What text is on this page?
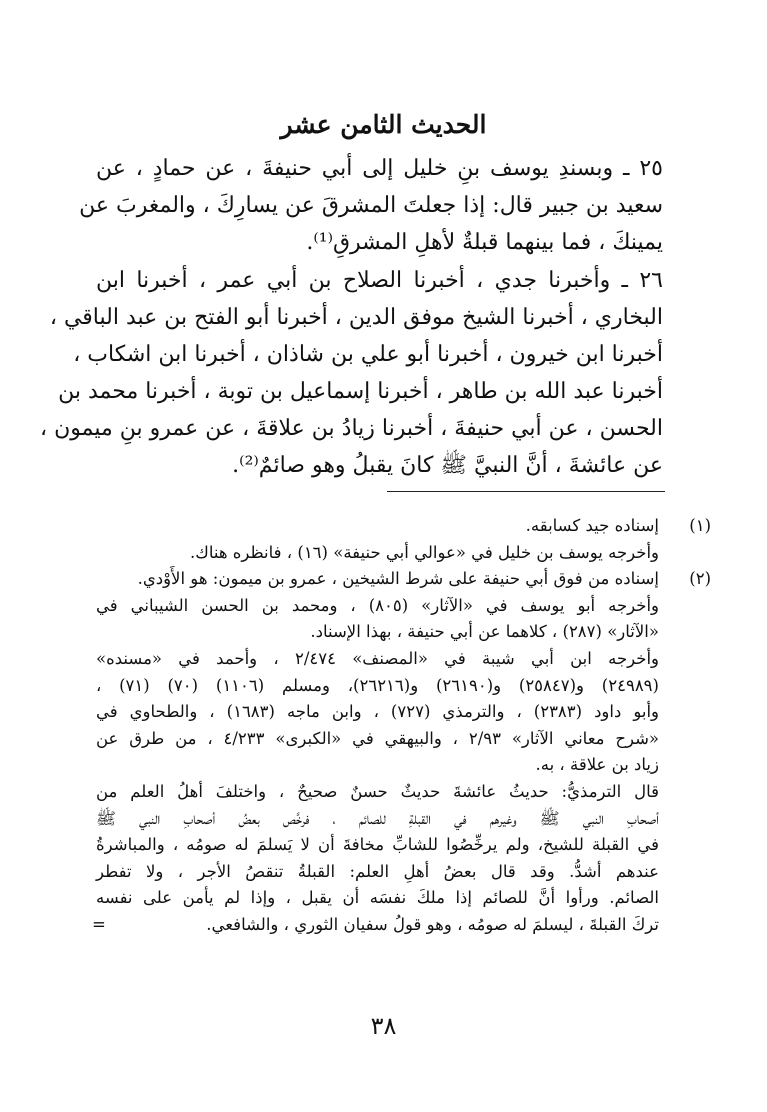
الحديث الثامن عشر
٢٥ ـ وبسندِ يوسف بنِ خليل إلى أبي حنيفةَ ، عن حمادٍ ، عن
سعيد بن جبير قال: إذا جعلتَ المشرقَ عن يسارِكَ ، والمغربَ عن
يمينكَ ، فما بينهما قبلةٌ لأهلِ المشرقِ⁽¹⁾.
٢٦ ـ وأخبرنا جدي ، أخبرنا الصلاح بن أبي عمر ، أخبرنا ابن
البخاري ، أخبرنا الشيخ موفق الدين ، أخبرنا أبو الفتح بن عبد الباقي ،
أخبرنا ابن خيرون ، أخبرنا أبو علي بن شاذان ، أخبرنا ابن اشكاب ،
أخبرنا عبد الله بن طاهر ، أخبرنا إسماعيل بن توبة ، أخبرنا محمد بن
الحسن ، عن أبي حنيفةَ ، أخبرنا زيادُ بن علاقةَ ، عن عمرو بنِ ميمون ،
عن عائشةَ ، أنَّ النبيَّ ﷺ كانَ يقبلُ وهو صائمٌ⁽²⁾.
(١)
إسناده جيد كسابقه.
وأخرجه يوسف بن خليل في «عوالي أبي حنيفة» (١٦) ، فانظره هناك.
(٢)
إسناده من فوق أبي حنيفة على شرط الشيخين ، عمرو بن ميمون: هو الأَوْدي.
وأخرجه أبو يوسف في «الآثار» (٨٠٥) ، ومحمد بن الحسن الشيباني في
«الآثار» (٢٨٧) ، كلاهما عن أبي حنيفة ، بهذا الإسناد.
وأخرجه ابن أبي شيبة في «المصنف» ٢/٤٧٤ ، وأحمد في «مسنده»
(٢٤٩٨٩) و(٢٥٨٤٧) و(٢٦١٩٠) و(٢٦٢١٦)، ومسلم (١١٠٦) (٧٠) (٧١) ،
وأبو داود (٢٣٨٣) ، والترمذي (٧٢٧) ، وابن ماجه (١٦٨٣) ، والطحاوي في
«شرح معاني الآثار» ٢/٩٣ ، والبيهقي في «الكبرى» ٤/٢٣٣ ، من طرق عن
زياد بن علاقة ، به.
قال الترمذيُّ: حديثُ عائشةَ حديثٌ حسنٌ صحيحٌ ، واختلفَ أهلُ العلم من
أصحابِ النبي ﷺ وغيرهم في القبلةِ للصائم ، فرخَّص بعضُ أصحابِ النبي ﷺ
في القبلة للشيخ، ولم يرخِّصُوا للشابِّ مخافةَ أن لا يَسلمَ له صومُه ، والمباشرةُ
عندهم أشدُّ. وقد قال بعضُ أهلِ العلم: القبلةُ تنقصُ الأجر ، ولا تفطر
الصائم. ورأوا أنَّ للصائم إذا ملكَ نفسَه أن يقبل ، وإذا لم يأمن على نفسه
تركَ القبلةَ ، ليسلمَ له صومُه ، وهو قولُ سفيان الثوري ، والشافعي.
=
٣٨
